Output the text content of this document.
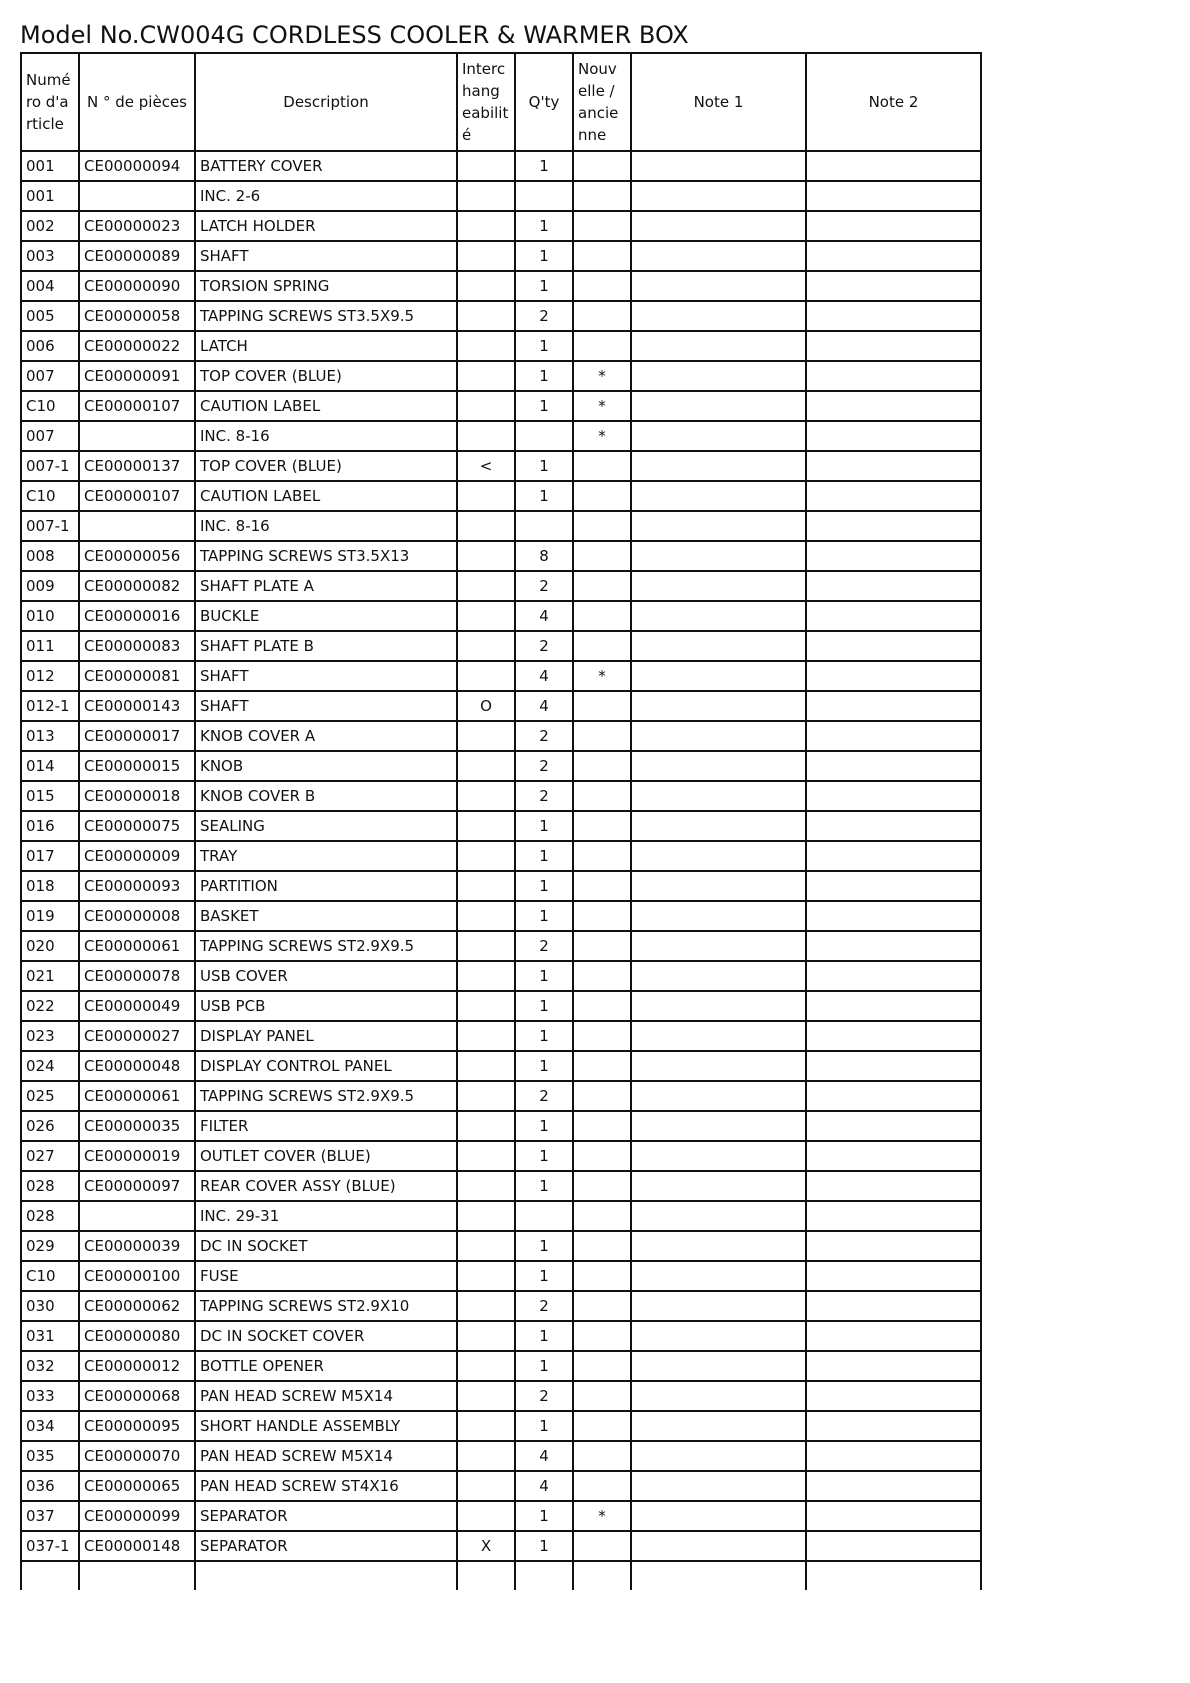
Model No.CW004G CORDLESS COOLER & WARMER BOX
Numé ro d'a rticle	N ° de pièces	Description	Interc hang eabilit é	Q'ty	Nouv elle / ancie nne	Note 1	Note 2
001	CE00000094	BATTERY COVER		1			
001		INC. 2-6					
002	CE00000023	LATCH HOLDER		1			
003	CE00000089	SHAFT		1			
004	CE00000090	TORSION SPRING		1			
005	CE00000058	TAPPING SCREWS ST3.5X9.5		2			
006	CE00000022	LATCH		1			
007	CE00000091	TOP COVER (BLUE)		1	*		
C10	CE00000107	CAUTION LABEL		1	*		
007		INC. 8-16			*		
007-1	CE00000137	TOP COVER (BLUE)	<	1			
C10	CE00000107	CAUTION LABEL		1			
007-1		INC. 8-16					
008	CE00000056	TAPPING SCREWS ST3.5X13		8			
009	CE00000082	SHAFT PLATE A		2			
010	CE00000016	BUCKLE		4			
011	CE00000083	SHAFT PLATE B		2			
012	CE00000081	SHAFT		4	*		
012-1	CE00000143	SHAFT	O	4			
013	CE00000017	KNOB COVER A		2			
014	CE00000015	KNOB		2			
015	CE00000018	KNOB COVER B		2			
016	CE00000075	SEALING		1			
017	CE00000009	TRAY		1			
018	CE00000093	PARTITION		1			
019	CE00000008	BASKET		1			
020	CE00000061	TAPPING SCREWS ST2.9X9.5		2			
021	CE00000078	USB COVER		1			
022	CE00000049	USB PCB		1			
023	CE00000027	DISPLAY PANEL		1			
024	CE00000048	DISPLAY CONTROL PANEL		1			
025	CE00000061	TAPPING SCREWS ST2.9X9.5		2			
026	CE00000035	FILTER		1			
027	CE00000019	OUTLET COVER (BLUE)		1			
028	CE00000097	REAR COVER ASSY (BLUE)		1			
028		INC. 29-31					
029	CE00000039	DC IN SOCKET		1			
C10	CE00000100	FUSE		1			
030	CE00000062	TAPPING SCREWS ST2.9X10		2			
031	CE00000080	DC IN SOCKET COVER		1			
032	CE00000012	BOTTLE OPENER		1			
033	CE00000068	PAN HEAD SCREW M5X14		2			
034	CE00000095	SHORT HANDLE ASSEMBLY		1			
035	CE00000070	PAN HEAD SCREW M5X14		4			
036	CE00000065	PAN HEAD SCREW ST4X16		4			
037	CE00000099	SEPARATOR		1	*		
037-1	CE00000148	SEPARATOR	X	1			
